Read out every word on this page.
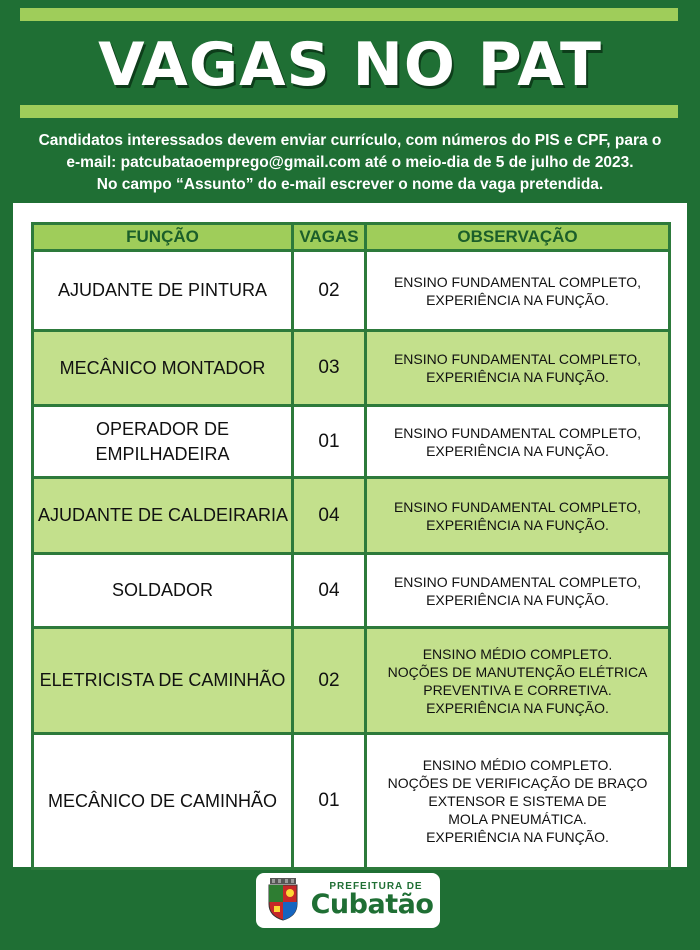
VAGAS NO PAT
Candidatos interessados devem enviar currículo, com números do PIS e CPF, para o
e-mail: patcubataoemprego@gmail.com até o meio-dia de 5 de julho de 2023.
No campo “Assunto” do e-mail escrever o nome da vaga pretendida.
FUNÇÃO	VAGAS	OBSERVAÇÃO

AJUDANTE DE PINTURA	02	ENSINO FUNDAMENTAL COMPLETO,
EXPERIÊNCIA NA FUNÇÃO.

MECÂNICO MONTADOR	03	ENSINO FUNDAMENTAL COMPLETO,
EXPERIÊNCIA NA FUNÇÃO.

OPERADOR DE
EMPILHADEIRA	01	ENSINO FUNDAMENTAL COMPLETO,
EXPERIÊNCIA NA FUNÇÃO.

AJUDANTE DE CALDEIRARIA	04	ENSINO FUNDAMENTAL COMPLETO,
EXPERIÊNCIA NA FUNÇÃO.

SOLDADOR	04	ENSINO FUNDAMENTAL COMPLETO,
EXPERIÊNCIA NA FUNÇÃO.

ELETRICISTA DE CAMINHÃO	02	ENSINO MÉDIO COMPLETO.
NOÇÕES DE MANUTENÇÃO ELÉTRICA
PREVENTIVA E CORRETIVA.
EXPERIÊNCIA NA FUNÇÃO.

MECÂNICO DE CAMINHÃO	01	ENSINO MÉDIO COMPLETO.
NOÇÕES DE VERIFICAÇÃO DE BRAÇO
EXTENSOR E SISTEMA DE
MOLA PNEUMÁTICA.
EXPERIÊNCIA NA FUNÇÃO.
PREFEITURA DE
Cubatão
